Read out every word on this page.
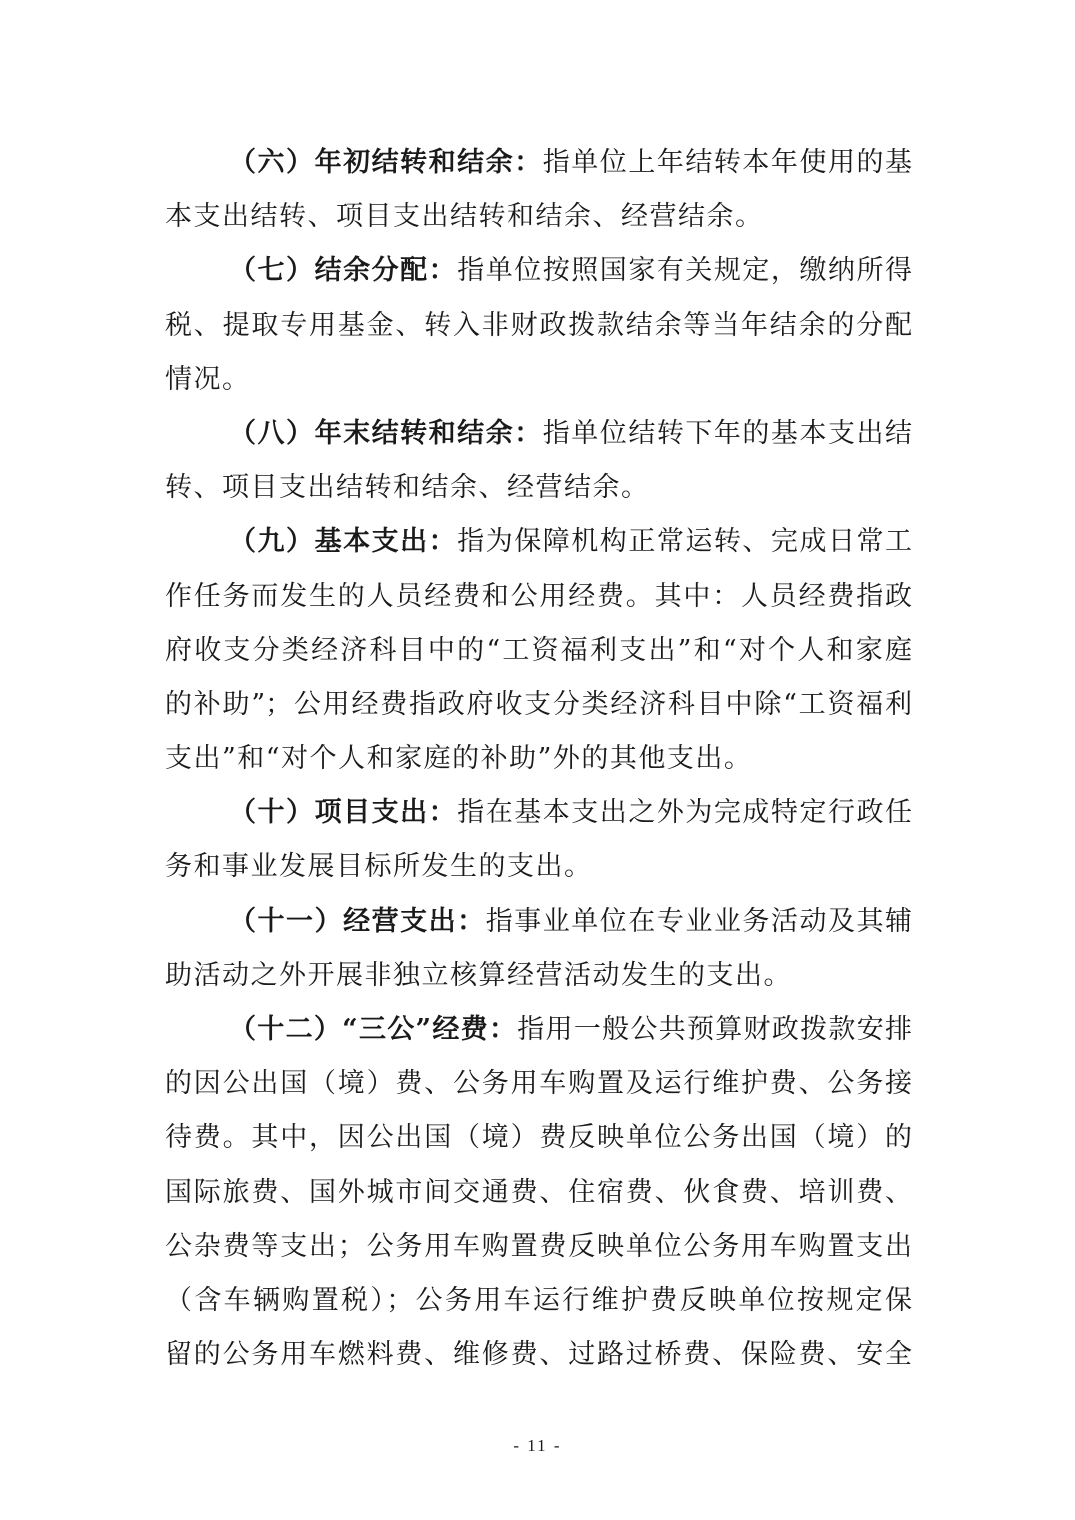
（六）年初结转和结余：指单位上年结转本年使用的基
本支出结转、项目支出结转和结余、经营结余。
（七）结余分配：指单位按照国家有关规定，缴纳所得
税、提取专用基金、转入非财政拨款结余等当年结余的分配
情况。
（八）年末结转和结余：指单位结转下年的基本支出结
转、项目支出结转和结余、经营结余。
（九）基本支出：指为保障机构正常运转、完成日常工
作任务而发生的人员经费和公用经费。其中：人员经费指政
府收支分类经济科目中的“工资福利支出”和“对个人和家庭
的补助”；公用经费指政府收支分类经济科目中除“工资福利
支出”和“对个人和家庭的补助”外的其他支出。
（十）项目支出：指在基本支出之外为完成特定行政任
务和事业发展目标所发生的支出。
（十一）经营支出：指事业单位在专业业务活动及其辅
助活动之外开展非独立核算经营活动发生的支出。
（十二）“三公”经费：指用一般公共预算财政拨款安排
的因公出国（境）费、公务用车购置及运行维护费、公务接
待费。其中，因公出国（境）费反映单位公务出国（境）的
国际旅费、国外城市间交通费、住宿费、伙食费、培训费、
公杂费等支出；公务用车购置费反映单位公务用车购置支出
（含车辆购置税）；公务用车运行维护费反映单位按规定保
留的公务用车燃料费、维修费、过路过桥费、保险费、安全
- 11 -
